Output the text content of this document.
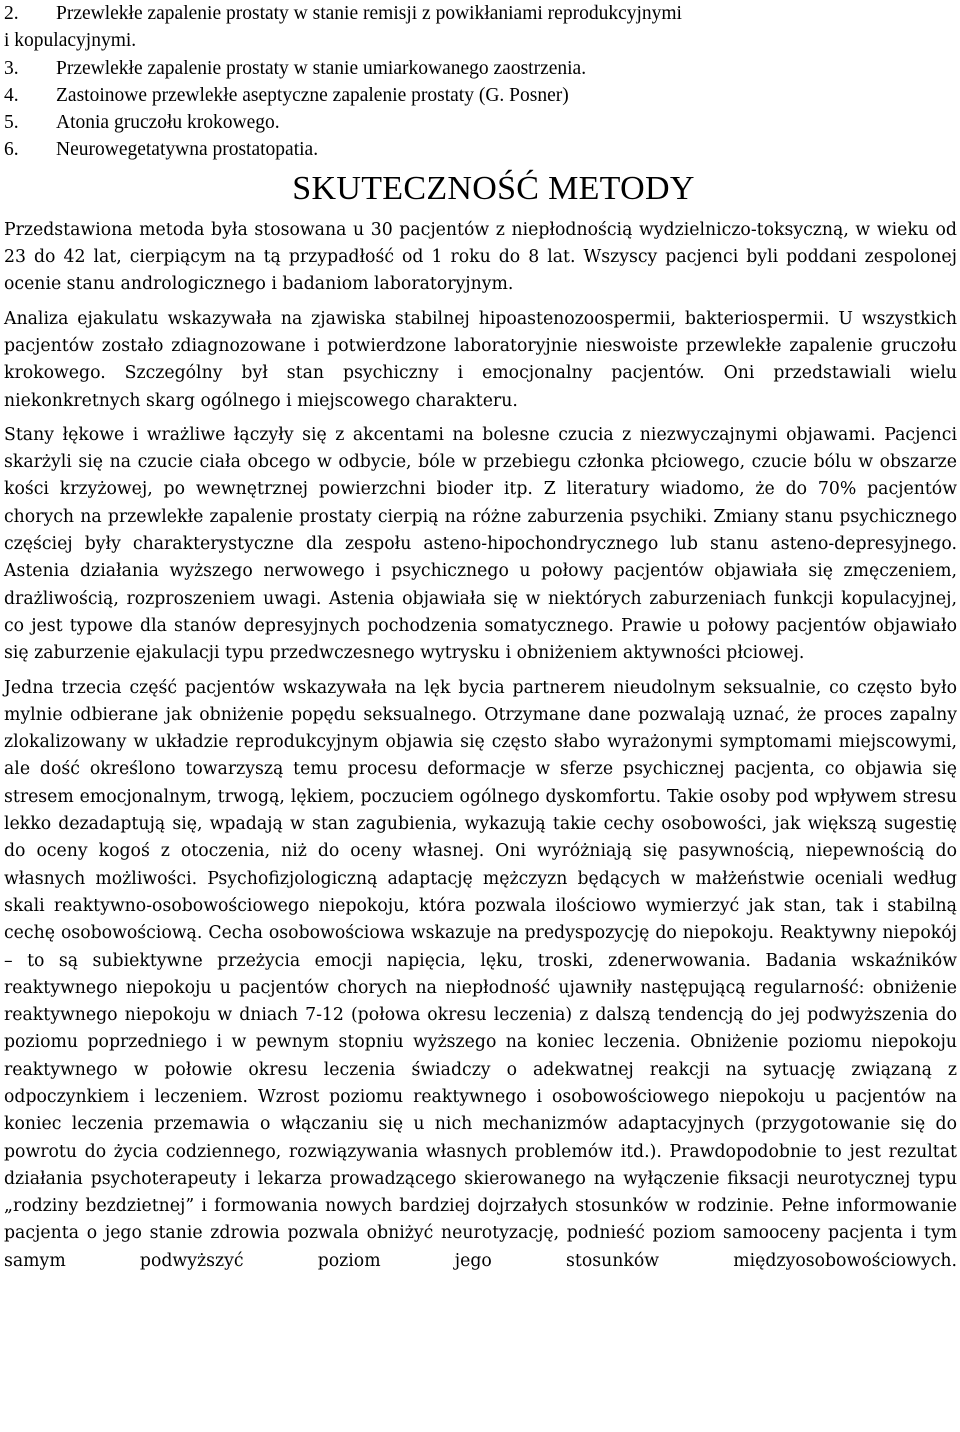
2. Przewlekłe zapalenie prostaty w stanie remisji z powikłaniami reprodukcyjnymi
i kopulacyjnymi.
3.	Przewlekłe zapalenie prostaty w stanie umiarkowanego zaostrzenia.
4.	Zastoinowe przewlekłe aseptyczne zapalenie prostaty (G. Posner)
5.	Atonia gruczołu krokowego.
6.	Neurowegetatywna prostatopatia.
SKUTECZNOŚĆ METODY

Przedstawiona metoda była stosowana u 30 pacjentów z niepłodnością wydzielniczo-toksyczną, w wieku od 23 do 42 lat, cierpiącym na tą przypadłość od 1 roku do 8 lat. Wszyscy pacjenci byli poddani zespolonej ocenie stanu andrologicznego i badaniom laboratoryjnym.

Analiza ejakulatu wskazywała na zjawiska stabilnej hipoastenozoospermii, bakteriospermii. U wszystkich pacjentów zostało zdiagnozowane i potwierdzone laboratoryjnie nieswoiste przewlekłe zapalenie gruczołu krokowego. Szczególny był stan psychiczny i emocjonalny pacjentów. Oni przedstawiali wielu niekonkretnych skarg ogólnego i miejscowego charakteru.

Stany łękowe i wrażliwe łączyły się z akcentami na bolesne czucia z niezwyczajnymi objawami. Pacjenci skarżyli się na czucie ciała obcego w odbycie, bóle w przebiegu członka płciowego, czucie bólu w obszarze kości krzyżowej, po wewnętrznej powierzchni bioder itp. Z literatury wiadomo, że do 70% pacjentów chorych na przewlekłe zapalenie prostaty cierpią na różne zaburzenia psychiki. Zmiany stanu psychicznego częściej były charakterystyczne dla zespołu asteno-hipochondrycznego lub stanu asteno-depresyjnego. Astenia działania wyższego nerwowego i psychicznego u połowy pacjentów objawiała się zmęczeniem, drażliwością, rozproszeniem uwagi. Astenia objawiała się w niektórych zaburzeniach funkcji kopulacyjnej, co jest typowe dla stanów depresyjnych pochodzenia somatycznego. Prawie u połowy pacjentów objawiało się zaburzenie ejakulacji typu przedwczesnego wytrysku i obniżeniem aktywności płciowej.

Jedna trzecia część pacjentów wskazywała na lęk bycia partnerem nieudolnym seksualnie, co często było mylnie odbierane jak obniżenie popędu seksualnego. Otrzymane dane pozwalają uznać, że proces zapalny zlokalizowany w układzie reprodukcyjnym objawia się często słabo wyrażonymi symptomami miejscowymi, ale dość określono towarzyszą temu procesu deformacje w sferze psychicznej pacjenta, co objawia się stresem emocjonalnym, trwogą, lękiem, poczuciem ogólnego dyskomfortu. Takie osoby pod wpływem stresu lekko dezadaptują się, wpadają w stan zagubienia, wykazują takie cechy osobowości, jak większą sugestię do oceny kogoś z otoczenia, niż do oceny własnej. Oni wyróżniają się pasywnością, niepewnością do własnych możliwości. Psychofizjologiczną adaptację mężczyzn będących w małżeństwie oceniali według skali reaktywno-osobowościowego niepokoju, która pozwala ilościowo wymierzyć jak stan, tak i stabilną cechę osobowościową. Cecha osobowościowa wskazuje na predyspozycję do niepokoju. Reaktywny niepokój – to są subiektywne przeżycia emocji napięcia, lęku, troski, zdenerwowania. Badania wskaźników reaktywnego niepokoju u pacjentów chorych na niepłodność ujawniły następującą regularność: obniżenie reaktywnego niepokoju w dniach 7-12 (połowa okresu leczenia) z dalszą tendencją do jej podwyższenia do poziomu poprzedniego i w pewnym stopniu wyższego na koniec leczenia. Obniżenie poziomu niepokoju reaktywnego w połowie okresu leczenia świadczy o adekwatnej reakcji na sytuację związaną z odpoczynkiem i leczeniem. Wzrost poziomu reaktywnego i osobowościowego niepokoju u pacjentów na koniec leczenia przemawia o włączaniu się u nich mechanizmów adaptacyjnych (przygotowanie się do powrotu do życia codziennego, rozwiązywania własnych problemów itd.). Prawdopodobnie to jest rezultat działania psychoterapeuty i lekarza prowadzącego skierowanego na wyłączenie fiksacji neurotycznej typu „rodziny bezdzietnej” i formowania nowych bardziej dojrzałych stosunków w rodzinie. Pełne informowanie pacjenta o jego stanie zdrowia pozwala obniżyć neurotyzację, podnieść poziom samooceny pacjenta i tym samym podwyższyć poziom jego stosunków międzyosobowościowych.
